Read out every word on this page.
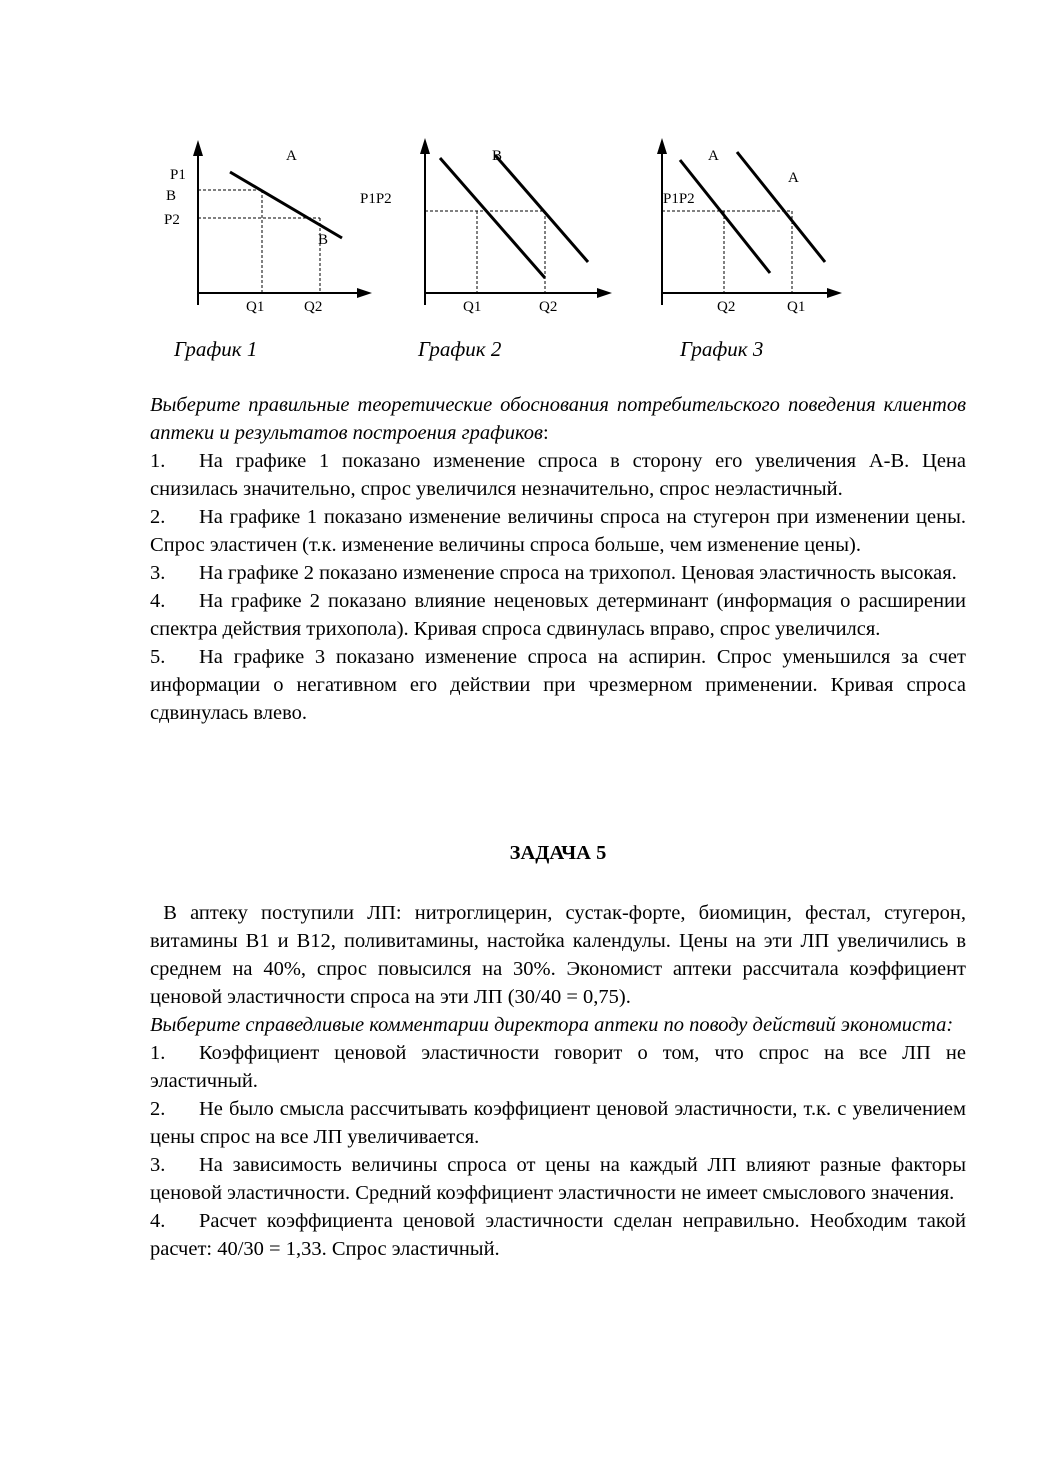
A
P1
B
P2
B
Q1	Q2
График 1
B
P1P2
Q1	Q2
График 2
A
A
P1P2
Q2	Q1
График 3
Выберите правильные теоретические обоснования потребительского поведения клиентов аптеки и результатов построения графиков:
1. На графике 1 показано изменение спроса в сторону его увеличения А-В. Цена снизилась значительно, спрос увеличился незначительно, спрос неэластичный.
2. На графике 1 показано изменение величины спроса на стугерон при изменении цены. Спрос эластичен (т.к. изменение величины спроса больше, чем изменение цены).
3. На графике 2 показано изменение спроса на трихопол. Ценовая эластичность высокая.
4. На графике 2 показано влияние неценовых детерминант (информация о расширении спектра действия трихопола). Кривая спроса сдвинулась вправо, спрос увеличился.
5. На графике 3 показано изменение спроса на аспирин. Спрос уменьшился за счет информации о негативном его действии при чрезмерном применении. Кривая спроса сдвинулась влево.
ЗАДАЧА 5
В аптеку поступили ЛП: нитроглицерин, сустак-форте, биомицин, фестал, стугерон, витамины В1 и В12, поливитамины, настойка календулы. Цены на эти ЛП увеличились в среднем на 40%, спрос повысился на 30%. Экономист аптеки рассчитала коэффициент ценовой эластичности спроса на эти ЛП (30/40 = 0,75).
Выберите справедливые комментарии директора аптеки по поводу действий экономиста:
1. Коэффициент ценовой эластичности говорит о том, что спрос на все ЛП не эластичный.
2. Не было смысла рассчитывать коэффициент ценовой эластичности, т.к. с увеличением цены спрос на все ЛП увеличивается.
3. На зависимость величины спроса от цены на каждый ЛП влияют разные факторы ценовой эластичности. Средний коэффициент эластичности не имеет смыслового значения.
4. Расчет коэффициента ценовой эластичности сделан неправильно. Необходим такой расчет: 40/30 = 1,33. Спрос эластичный.
